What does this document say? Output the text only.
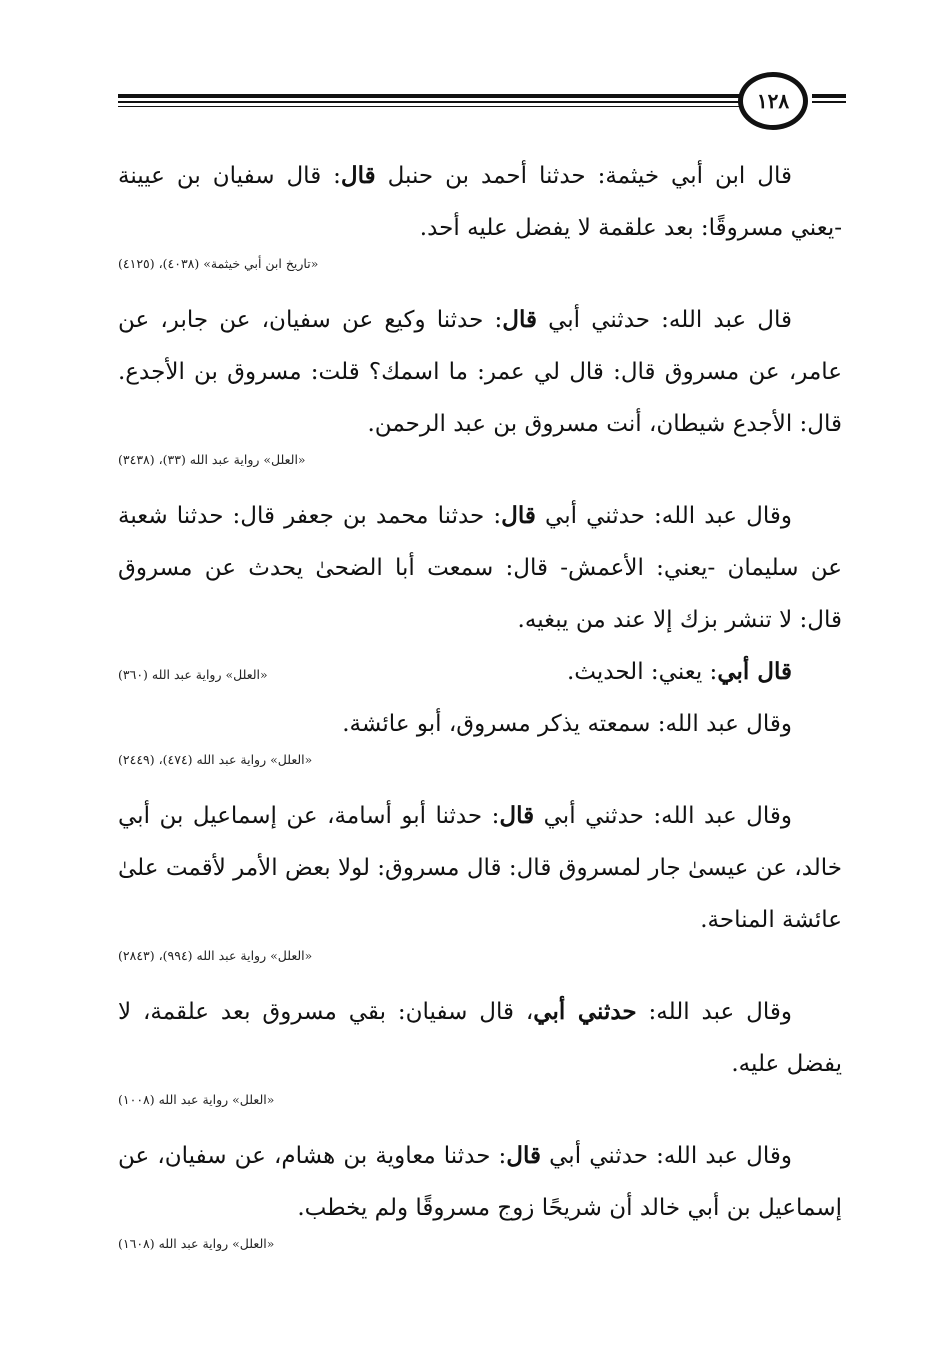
١٢٨

قال ابن أبي خيثمة: حدثنا أحمد بن حنبل قال: قال سفيان بن عيينة -يعني مسروقًا: بعد علقمة لا يفضل عليه أحد.

«تاريخ ابن أبي خيثمة» (٤٠٣٨)، (٤١٢٥)

قال عبد الله: حدثني أبي قال: حدثنا وكيع عن سفيان، عن جابر، عن عامر، عن مسروق قال: قال لي عمر: ما اسمك؟ قلت: مسروق بن الأجدع. قال: الأجدع شيطان، أنت مسروق بن عبد الرحمن.

«العلل» رواية عبد الله (٣٣)، (٣٤٣٨)

وقال عبد الله: حدثني أبي قال: حدثنا محمد بن جعفر قال: حدثنا شعبة عن سليمان -يعني: الأعمش- قال: سمعت أبا الضحىٰ يحدث عن مسروق قال: لا تنشر بزك إلا عند من يبغيه.

قال أبي: يعني: الحديث.

«العلل» رواية عبد الله (٣٦٠)

وقال عبد الله: سمعته يذكر مسروق، أبو عائشة.

«العلل» رواية عبد الله (٤٧٤)، (٢٤٤٩)

وقال عبد الله: حدثني أبي قال: حدثنا أبو أسامة، عن إسماعيل بن أبي خالد، عن عيسىٰ جار لمسروق قال: قال مسروق: لولا بعض الأمر لأقمت علىٰ عائشة المناحة.

«العلل» رواية عبد الله (٩٩٤)، (٢٨٤٣)

وقال عبد الله: حدثني أبي، قال سفيان: بقي مسروق بعد علقمة، لا يفضل عليه.

«العلل» رواية عبد الله (١٠٠٨)

وقال عبد الله: حدثني أبي قال: حدثنا معاوية بن هشام، عن سفيان، عن إسماعيل بن أبي خالد أن شريحًا زوج مسروقًا ولم يخطب.

«العلل» رواية عبد الله (١٦٠٨)
